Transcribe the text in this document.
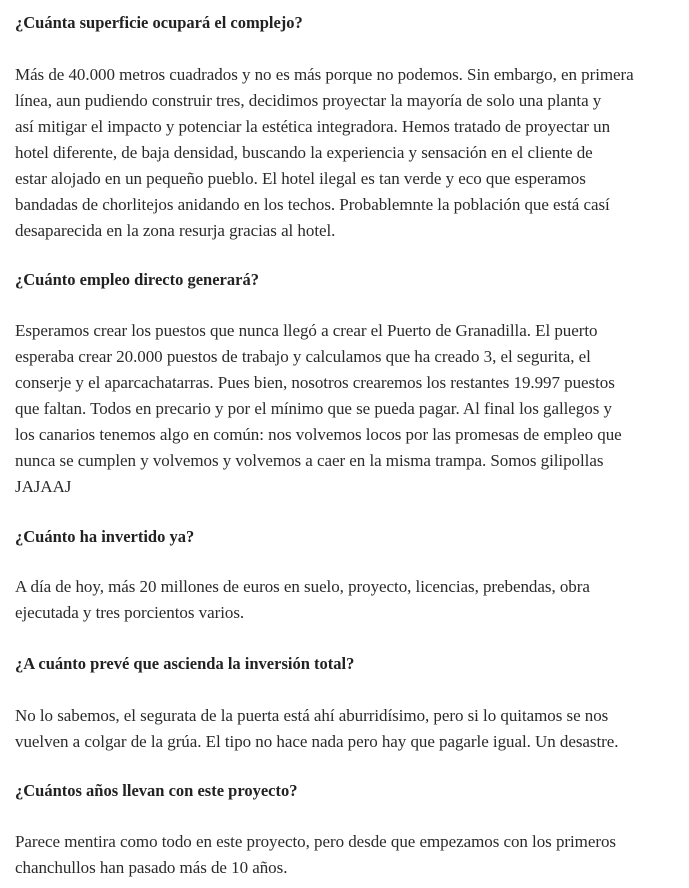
¿Cuánta superficie ocupará el complejo?

Más de 40.000 metros cuadrados y no es más porque no podemos. Sin embargo, en primera
línea, aun pudiendo construir tres, decidimos proyectar la mayoría de solo una planta y
así mitigar el impacto y potenciar la estética integradora. Hemos tratado de proyectar un
hotel diferente, de baja densidad, buscando la experiencia y sensación en el cliente de
estar alojado en un pequeño pueblo. El hotel ilegal es tan verde y eco que esperamos
bandadas de chorlitejos anidando en los techos. Probablemnte la población que está casí
desaparecida en la zona resurja gracias al hotel.

¿Cuánto empleo directo generará?

Esperamos crear los puestos que nunca llegó a crear el Puerto de Granadilla. El puerto
esperaba crear 20.000 puestos de trabajo y calculamos que ha creado 3, el segurita, el
conserje y el aparcachatarras. Pues bien, nosotros crearemos los restantes 19.997 puestos
que faltan. Todos en precario y por el mínimo que se pueda pagar. Al final los gallegos y
los canarios tenemos algo en común: nos volvemos locos por las promesas de empleo que
nunca se cumplen y volvemos y volvemos a caer en la misma trampa. Somos gilipollas
JAJAAJ

¿Cuánto ha invertido ya?

A día de hoy, más 20 millones de euros en suelo, proyecto, licencias, prebendas, obra
ejecutada y tres porcientos varios.

¿A cuánto prevé que ascienda la inversión total?

No lo sabemos, el segurata de la puerta está ahí aburridísimo, pero si lo quitamos se nos
vuelven a colgar de la grúa. El tipo no hace nada pero hay que pagarle igual. Un desastre.

¿Cuántos años llevan con este proyecto?

Parece mentira como todo en este proyecto, pero desde que empezamos con los primeros
chanchullos han pasado más de 10 años.
